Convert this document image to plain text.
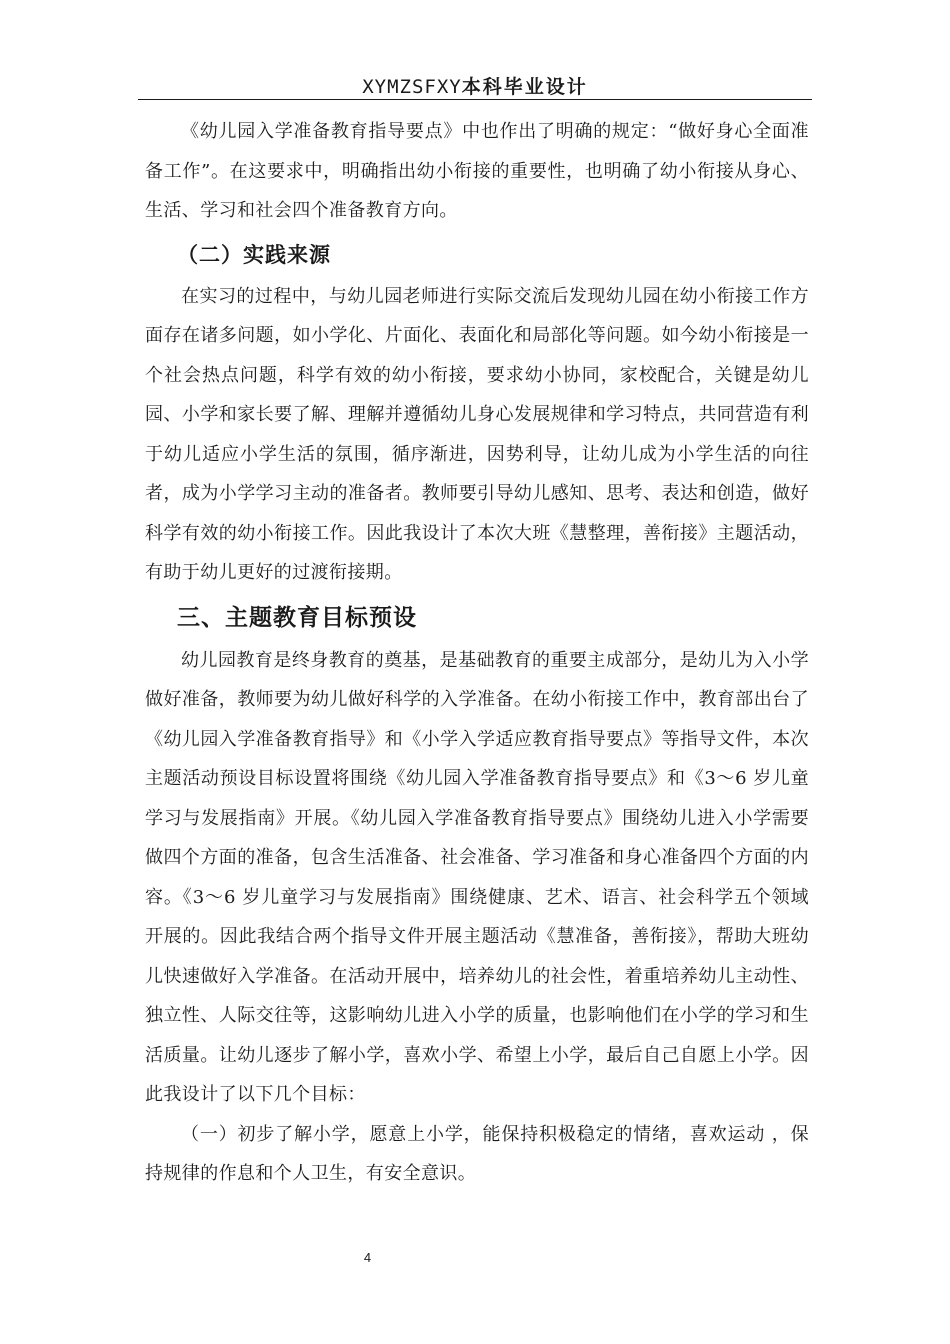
XYMZSFXY本科毕业设计

《幼儿园入学准备教育指导要点》中也作出了明确的规定：“做好身心全面准备工作”。在这要求中，明确指出幼小衔接的重要性，也明确了幼小衔接从身心、生活、学习和社会四个准备教育方向。

（二）实践来源

在实习的过程中，与幼儿园老师进行实际交流后发现幼儿园在幼小衔接工作方面存在诸多问题，如小学化、片面化、表面化和局部化等问题。如今幼小衔接是一个社会热点问题，科学有效的幼小衔接，要求幼小协同，家校配合，关键是幼儿园、小学和家长要了解、理解并遵循幼儿身心发展规律和学习特点，共同营造有利于幼儿适应小学生活的氛围，循序渐进，因势利导，让幼儿成为小学生活的向往者，成为小学学习主动的准备者。教师要引导幼儿感知、思考、表达和创造，做好科学有效的幼小衔接工作。因此我设计了本次大班《慧整理，善衔接》主题活动，有助于幼儿更好的过渡衔接期。

三、主题教育目标预设

幼儿园教育是终身教育的奠基，是基础教育的重要主成部分，是幼儿为入小学做好准备，教师要为幼儿做好科学的入学准备。在幼小衔接工作中，教育部出台了《幼儿园入学准备教育指导》和《小学入学适应教育指导要点》等指导文件，本次主题活动预设目标设置将围绕《幼儿园入学准备教育指导要点》和《3～6 岁儿童学习与发展指南》开展。《幼儿园入学准备教育指导要点》围绕幼儿进入小学需要做四个方面的准备，包含生活准备、社会准备、学习准备和身心准备四个方面的内容。《3～6 岁儿童学习与发展指南》围绕健康、艺术、语言、社会科学五个领域开展的。因此我结合两个指导文件开展主题活动《慧准备，善衔接》，帮助大班幼儿快速做好入学准备。在活动开展中，培养幼儿的社会性，着重培养幼儿主动性、独立性、人际交往等，这影响幼儿进入小学的质量，也影响他们在小学的学习和生活质量。让幼儿逐步了解小学，喜欢小学、希望上小学，最后自己自愿上小学。因此我设计了以下几个目标：

（一）初步了解小学，愿意上小学，能保持积极稳定的情绪，喜欢运动 ，保持规律的作息和个人卫生，有安全意识。

4
